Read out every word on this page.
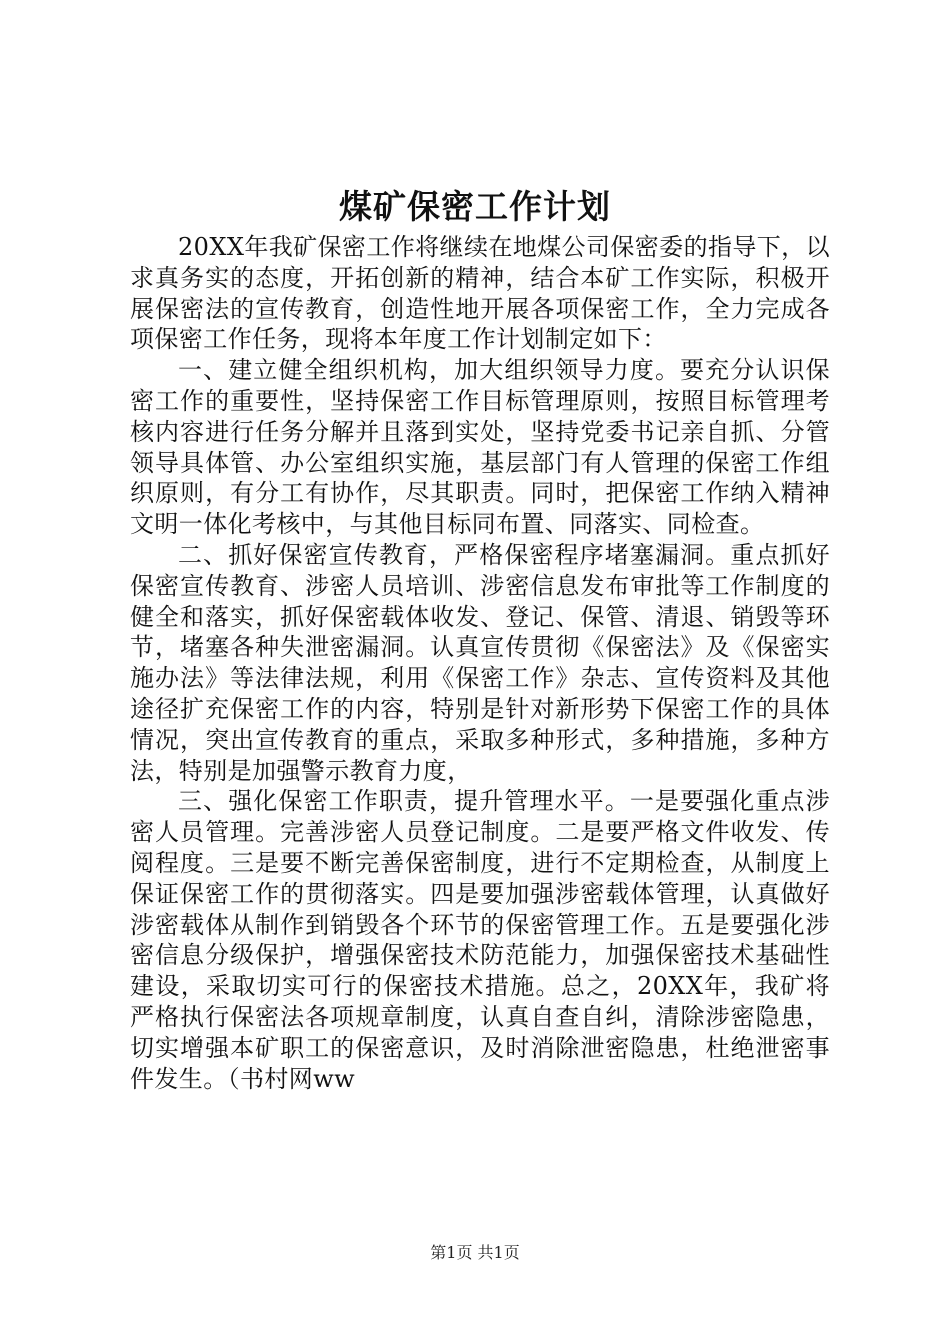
煤矿保密工作计划

20XX年我矿保密工作将继续在地煤公司保密委的指导下，以求真务实的态度，开拓创新的精神，结合本矿工作实际，积极开展保密法的宣传教育，创造性地开展各项保密工作，全力完成各项保密工作任务，现将本年度工作计划制定如下：

一、建立健全组织机构，加大组织领导力度。要充分认识保密工作的重要性，坚持保密工作目标管理原则，按照目标管理考核内容进行任务分解并且落到实处，坚持党委书记亲自抓、分管领导具体管、办公室组织实施，基层部门有人管理的保密工作组织原则，有分工有协作，尽其职责。同时，把保密工作纳入精神文明一体化考核中，与其他目标同布置、同落实、同检查。

二、抓好保密宣传教育，严格保密程序堵塞漏洞。重点抓好保密宣传教育、涉密人员培训、涉密信息发布审批等工作制度的健全和落实，抓好保密载体收发、登记、保管、清退、销毁等环节，堵塞各种失泄密漏洞。认真宣传贯彻《保密法》及《保密实施办法》等法律法规，利用《保密工作》杂志、宣传资料及其他途径扩充保密工作的内容，特别是针对新形势下保密工作的具体情况，突出宣传教育的重点，采取多种形式，多种措施，多种方法，特别是加强警示教育力度，

三、强化保密工作职责，提升管理水平。一是要强化重点涉密人员管理。完善涉密人员登记制度。二是要严格文件收发、传阅程度。三是要不断完善保密制度，进行不定期检查，从制度上保证保密工作的贯彻落实。四是要加强涉密载体管理，认真做好涉密载体从制作到销毁各个环节的保密管理工作。五是要强化涉密信息分级保护，增强保密技术防范能力，加强保密技术基础性建设，采取切实可行的保密技术措施。总之，20XX年，我矿将严格执行保密法各项规章制度，认真自查自纠，清除涉密隐患，切实增强本矿职工的保密意识，及时消除泄密隐患，杜绝泄密事件发生。（书村网ww

第1页 共1页
